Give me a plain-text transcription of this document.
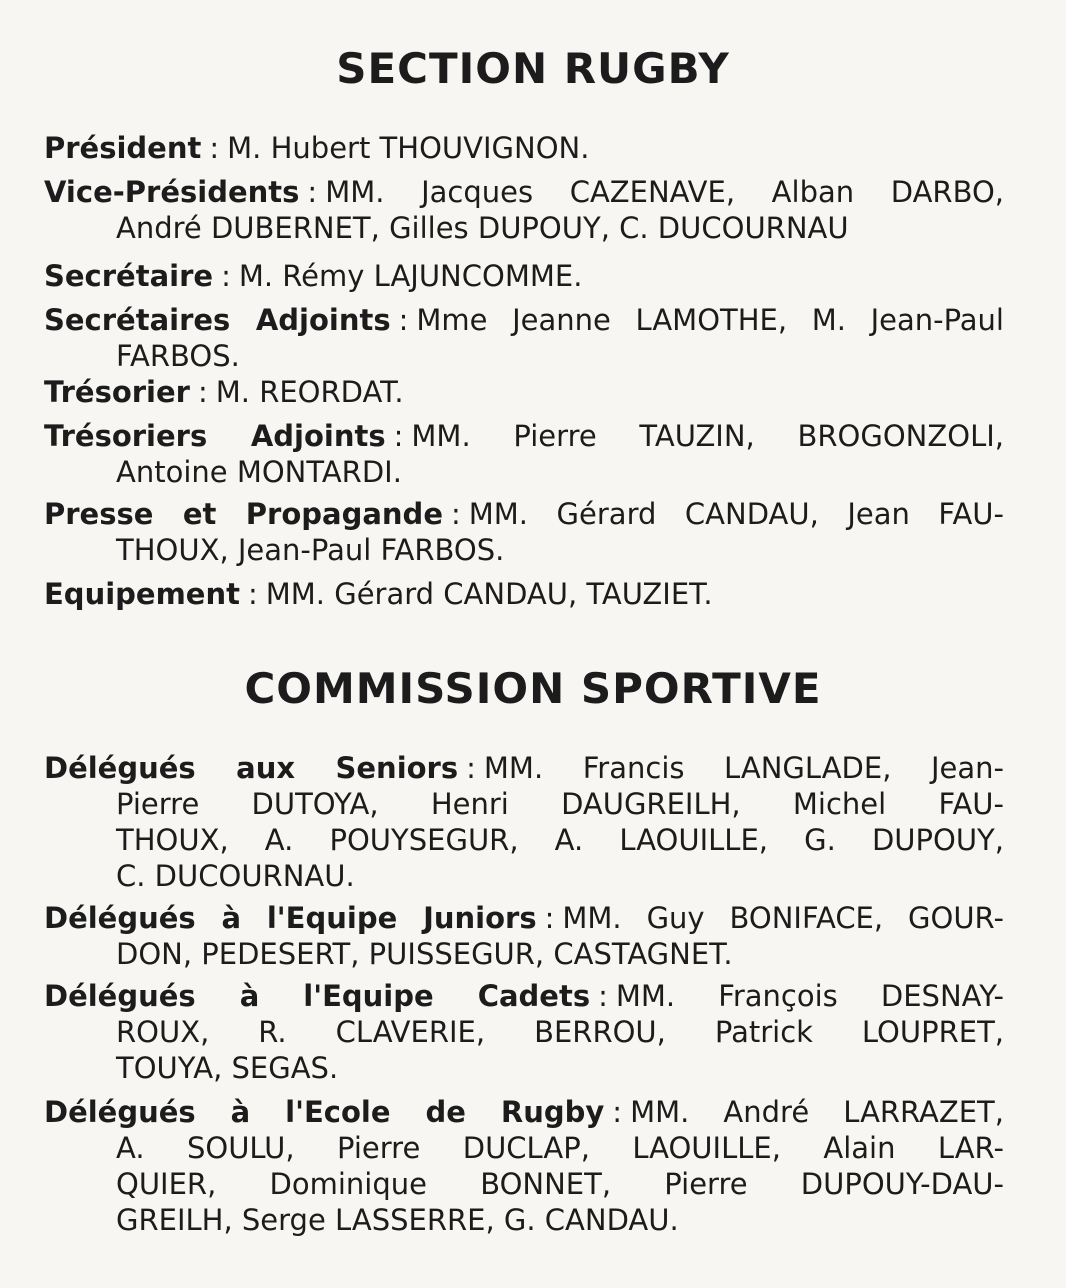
SECTION RUGBY
Président : M. Hubert THOUVIGNON.
Vice-Présidents : MM. Jacques CAZENAVE, Alban DARBO,
André DUBERNET, Gilles DUPOUY, C. DUCOURNAU
Secrétaire : M. Rémy LAJUNCOMME.
Secrétaires Adjoints : Mme Jeanne LAMOTHE, M. Jean-Paul
FARBOS.
Trésorier : M. REORDAT.
Trésoriers Adjoints : MM. Pierre TAUZIN, BROGONZOLI,
Antoine MONTARDI.
Presse et Propagande : MM. Gérard CANDAU, Jean FAU-
THOUX, Jean-Paul FARBOS.
Equipement : MM. Gérard CANDAU, TAUZIET.
COMMISSION SPORTIVE
Délégués aux Seniors : MM. Francis LANGLADE, Jean-
Pierre DUTOYA, Henri DAUGREILH, Michel FAU-
THOUX, A. POUYSEGUR, A. LAOUILLE, G. DUPOUY,
C. DUCOURNAU.
Délégués à l'Equipe Juniors : MM. Guy BONIFACE, GOUR-
DON, PEDESERT, PUISSEGUR, CASTAGNET.
Délégués à l'Equipe Cadets : MM. François DESNAY-
ROUX, R. CLAVERIE, BERROU, Patrick LOUPRET,
TOUYA, SEGAS.
Délégués à l'Ecole de Rugby : MM. André LARRAZET,
A. SOULU, Pierre DUCLAP, LAOUILLE, Alain LAR-
QUIER, Dominique BONNET, Pierre DUPOUY-DAU-
GREILH, Serge LASSERRE, G. CANDAU.
